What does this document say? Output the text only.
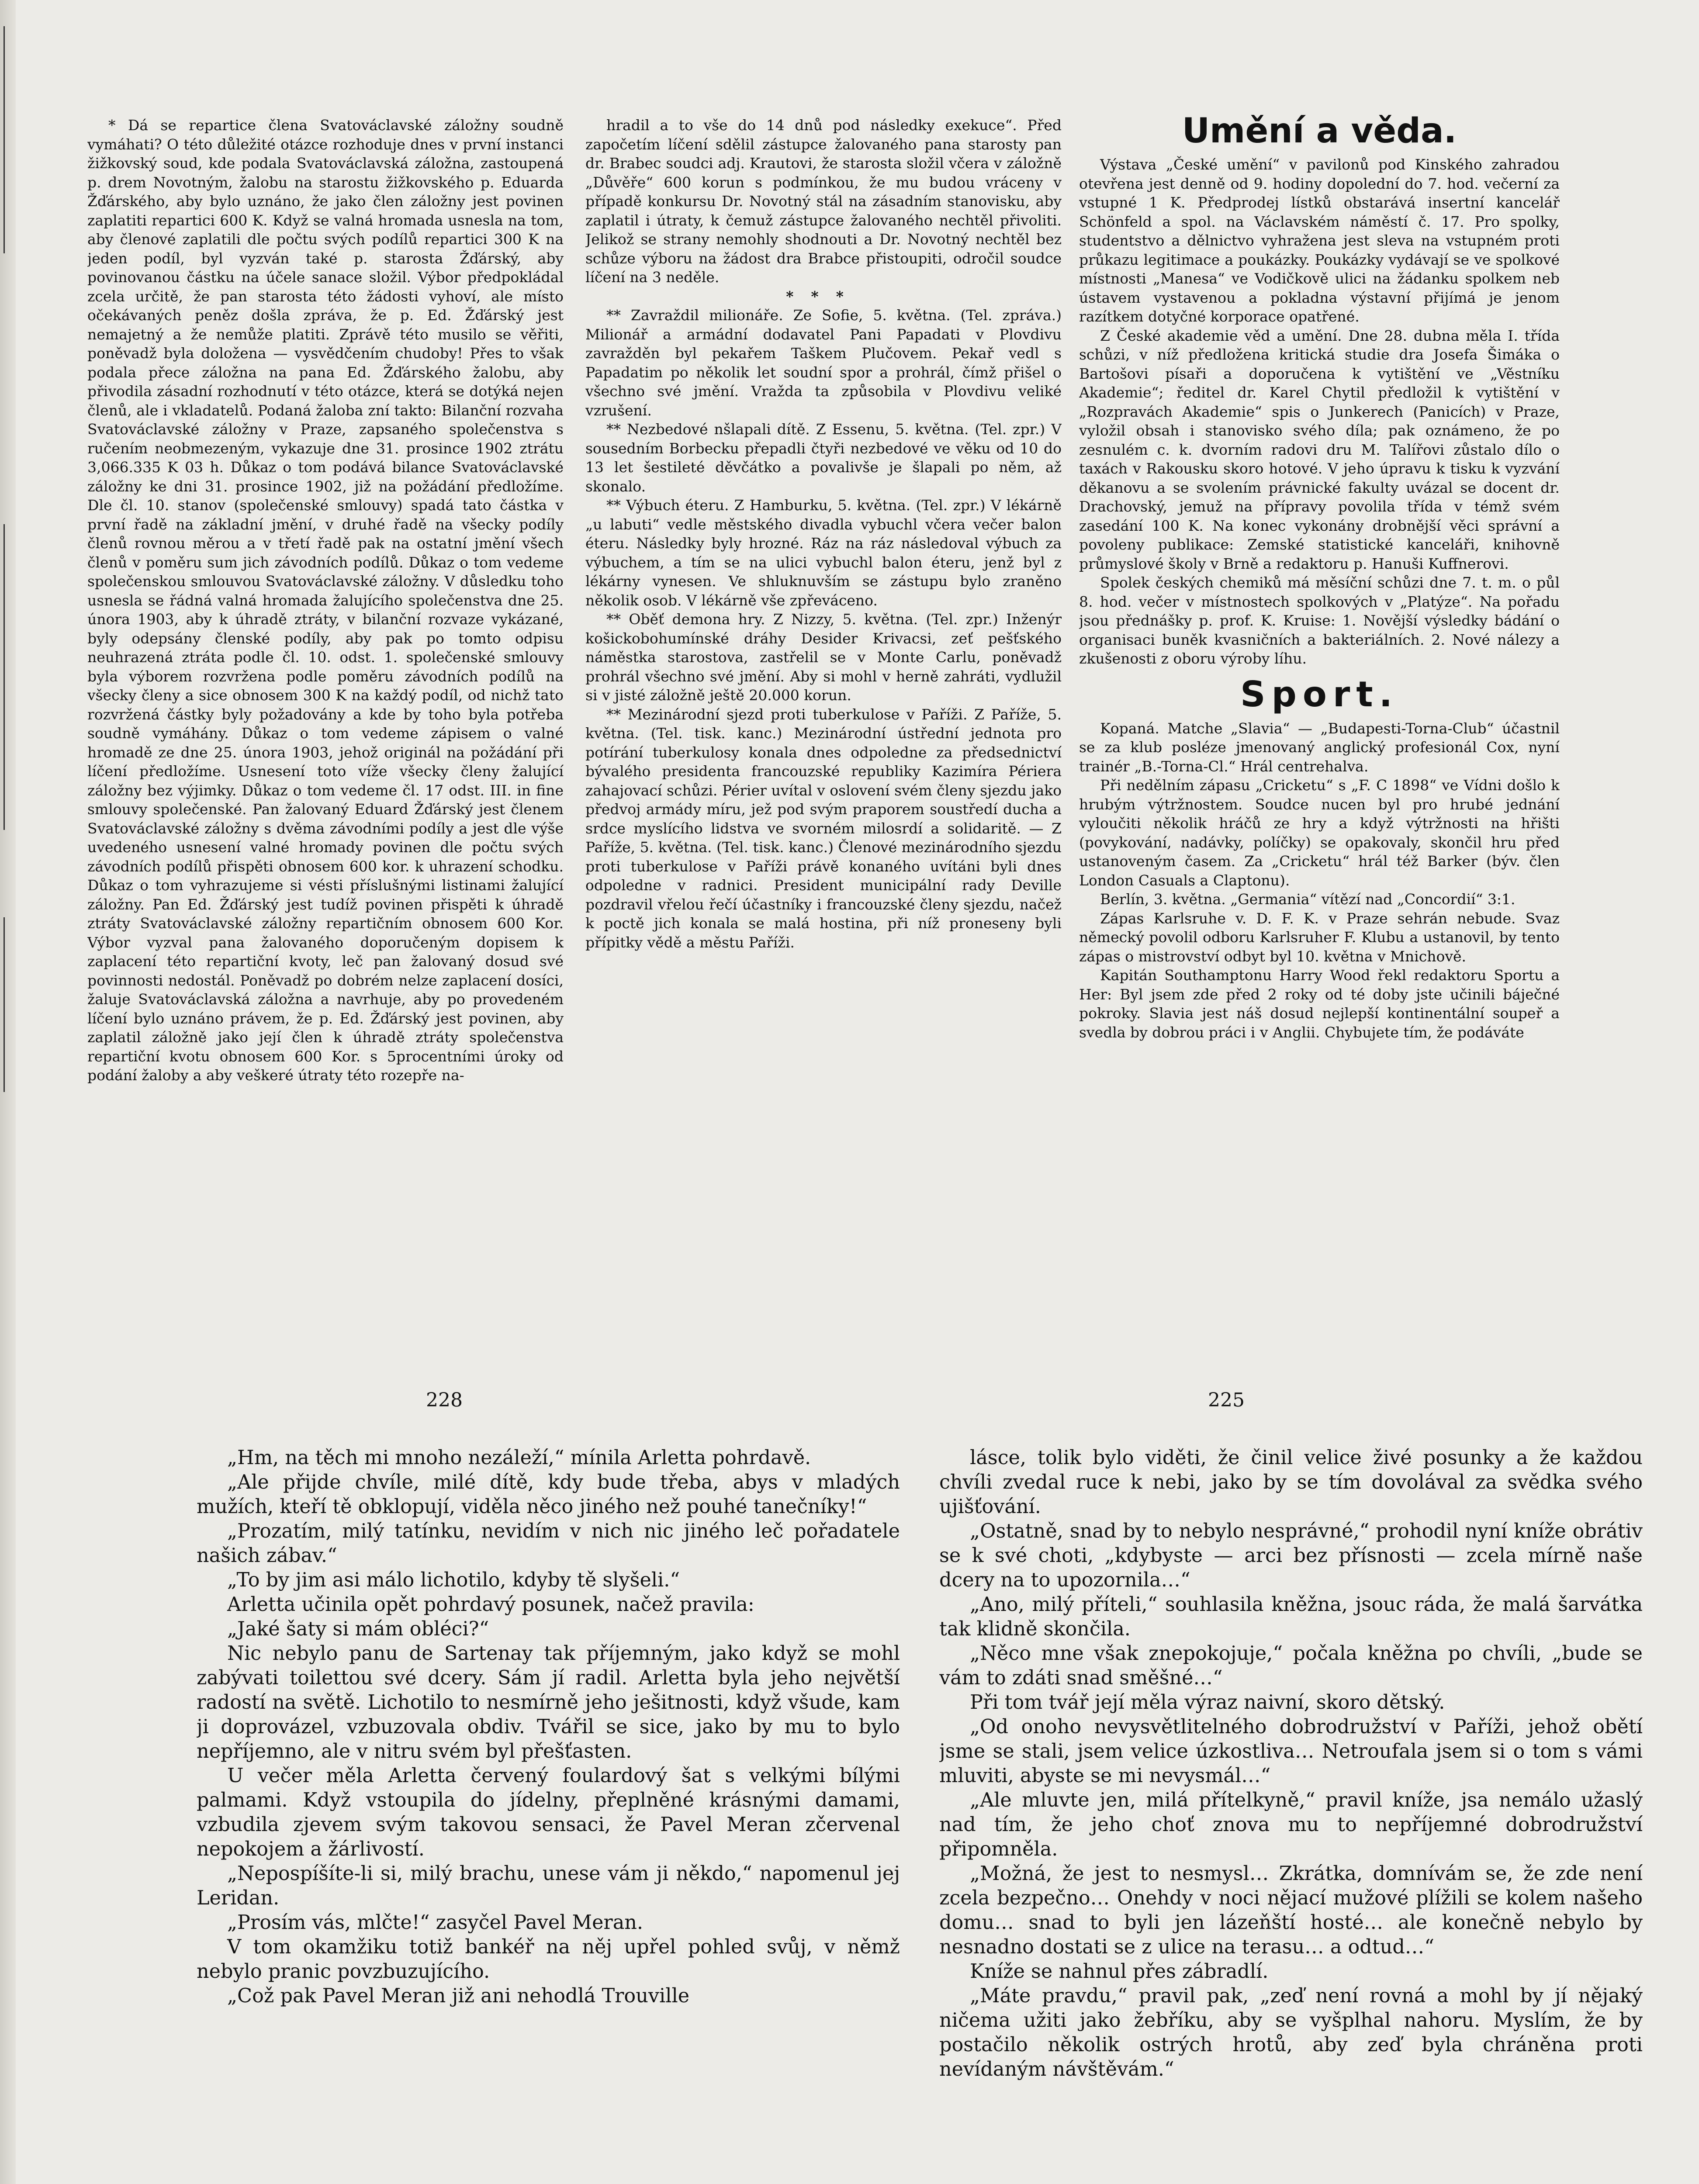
* Dá se repartice člena Svatováclavské záložny soudně vymáhati? O této důležité otázce rozhoduje dnes v první instanci žižkovský soud, kde podala Svatováclavská záložna, zastoupená p. drem Novotným, žalobu na starostu žižkovského p. Eduarda Žďárského, aby bylo uznáno, že jako člen záložny jest povinen zaplatiti repartici 600 K. Když se valná hromada usnesla na tom, aby členové zaplatili dle počtu svých podílů repartici 300 K na jeden podíl, byl vyzván také p. starosta Žďárský, aby povinovanou částku na účele sanace složil. Výbor předpokládal zcela určitě, že pan starosta této žádosti vyhoví, ale místo očekávaných peněz došla zpráva, že p. Ed. Žďárský jest nemajetný a že nemůže platiti. Zprávě této musilo se věřiti, poněvadž byla doložena — vysvědčením chudoby! Přes to však podala přece záložna na pana Ed. Žďárského žalobu, aby přivodila zásadní rozhodnutí v této otázce, která se dotýká nejen členů, ale i vkladatelů. Podaná žaloba zní takto: Bilanční rozvaha Svatováclavské záložny v Praze, zapsaného společenstva s ručením neobmezeným, vykazuje dne 31. prosince 1902 ztrátu 3,066.335 K 03 h. Důkaz o tom podává bilance Svatováclavské záložny ke dni 31. prosince 1902, již na požádání předložíme. Dle čl. 10. stanov (společenské smlouvy) spadá tato částka v první řadě na základní jmění, v druhé řadě na všecky podíly členů rovnou měrou a v třetí řadě pak na ostatní jmění všech členů v poměru sum jich závodních podílů. Důkaz o tom vedeme společenskou smlouvou Svatováclavské záložny. V důsledku toho usnesla se řádná valná hromada žalujícího společenstva dne 25. února 1903, aby k úhradě ztráty, v bilanční rozvaze vykázané, byly odepsány členské podíly, aby pak po tomto odpisu neuhrazená ztráta podle čl. 10. odst. 1. společenské smlouvy byla výborem rozvržena podle poměru závodních podílů na všecky členy a sice obnosem 300 K na každý podíl, od nichž tato rozvržená částky byly požadovány a kde by toho byla potřeba soudně vymáhány. Důkaz o tom vedeme zápisem o valné hromadě ze dne 25. února 1903, jehož originál na požádání při líčení předložíme. Usnesení toto víže všecky členy žalující záložny bez výjimky. Důkaz o tom vedeme čl. 17 odst. III. in fine smlouvy společenské. Pan žalovaný Eduard Žďárský jest členem Svatováclavské záložny s dvěma závodními podíly a jest dle výše uvedeného usnesení valné hromady povinen dle počtu svých závodních podílů přispěti obnosem 600 kor. k uhrazení schodku. Důkaz o tom vyhrazujeme si vésti příslušnými listinami žalující záložny. Pan Ed. Žďárský jest tudíž povinen přispěti k úhradě ztráty Svatováclavské záložny repartičním obnosem 600 Kor. Výbor vyzval pana žalovaného doporučeným dopisem k zaplacení této repartiční kvoty, leč pan žalovaný dosud své povinnosti nedostál. Poněvadž po dobrém nelze zaplacení dosíci, žaluje Svatováclavská záložna a navrhuje, aby po provedeném líčení bylo uznáno právem, že p. Ed. Žďárský jest povinen, aby zaplatil záložně jako její člen k úhradě ztráty společenstva repartiční kvotu obnosem 600 Kor. s 5procentními úroky od podání žaloby a aby veškeré útraty této rozepře na-

hradil a to vše do 14 dnů pod následky exekuce“. Před započetím líčení sdělil zástupce žalovaného pana starosty pan dr. Brabec soudci adj. Krautovi, že starosta složil včera v záložně „Důvěře“ 600 korun s podmínkou, že mu budou vráceny v případě konkursu Dr. Novotný stál na zásadním stanovisku, aby zaplatil i útraty, k čemuž zástupce žalovaného nechtěl přivoliti. Jelikož se strany nemohly shodnouti a Dr. Novotný nechtěl bez schůze výboru na žádost dra Brabce přistoupiti, odročil soudce líčení na 3 neděle.

***

** Zavraždil milionáře. Ze Sofie, 5. května. (Tel. zpráva.) Milionář a armádní dodavatel Pani Papadati v Plovdivu zavražděn byl pekařem Taškem Plučovem. Pekař vedl s Papadatim po několik let soudní spor a prohrál, čímž přišel o všechno své jmění. Vražda ta způsobila v Plovdivu veliké vzrušení.

** Nezbedové nšlapali dítě. Z Essenu, 5. května. (Tel. zpr.) V sousedním Borbecku přepadli čtyři nezbedové ve věku od 10 do 13 let šestileté děvčátko a povalivše je šlapali po něm, až skonalo.

** Výbuch éteru. Z Hamburku, 5. května. (Tel. zpr.) V lékárně „u labuti“ vedle městského divadla vybuchl včera večer balon éteru. Následky byly hrozné. Ráz na ráz následoval výbuch za výbuchem, a tím se na ulici vybuchl balon éteru, jenž byl z lékárny vynesen. Ve shluknuvším se zástupu bylo zraněno několik osob. V lékárně vše zpřeváceno.

** Oběť demona hry. Z Nizzy, 5. května. (Tel. zpr.) Inženýr košickobohumínské dráhy Desider Krivacsi, zeť pešťského náměstka starostova, zastřelil se v Monte Carlu, poněvadž prohrál všechno své jmění. Aby si mohl v herně zahráti, vydlužil si v jisté záložně ještě 20.000 korun.

** Mezinárodní sjezd proti tuberkulose v Paříži. Z Paříže, 5. května. (Tel. tisk. kanc.) Mezinárodní ústřední jednota pro potírání tuberkulosy konala dnes odpoledne za předsednictví bývalého presidenta francouzské republiky Kazimíra Périera zahajovací schůzi. Périer uvítal v oslovení svém členy sjezdu jako předvoj armády míru, jež pod svým praporem soustředí ducha a srdce myslícího lidstva ve svorném milosrdí a solidaritě. — Z Paříže, 5. května. (Tel. tisk. kanc.) Členové mezinárodního sjezdu proti tuberkulose v Paříži právě konaného uvítáni byli dnes odpoledne v radnici. President municipální rady Deville pozdravil vřelou řečí účastníky i francouzské členy sjezdu, načež k poctě jich konala se malá hostina, při níž proneseny byli přípitky vědě a městu Paříži.

Umění a věda.

Výstava „České umění“ v pavilonů pod Kinského zahradou otevřena jest denně od 9. hodiny dopolední do 7. hod. večerní za vstupné 1 K. Předprodej lístků obstarává insertní kancelář Schönfeld a spol. na Václavském náměstí č. 17. Pro spolky, studentstvo a dělnictvo vyhražena jest sleva na vstupném proti průkazu legitimace a poukázky. Poukázky vydávají se ve spolkové místnosti „Manesa“ ve Vodičkově ulici na žádanku spolkem neb ústavem vystavenou a pokladna výstavní přijímá je jenom razítkem dotyčné korporace opatřené.

Z České akademie věd a umění. Dne 28. dubna měla I. třída schůzi, v níž předložena kritická studie dra Josefa Šimáka o Bartošovi písaři a doporučena k vytištění ve „Věstníku Akademie“; ředitel dr. Karel Chytil předložil k vytištění v „Rozpravách Akademie“ spis o Junkerech (Panicích) v Praze, vyložil obsah i stanovisko svého díla; pak oznámeno, že po zesnulém c. k. dvorním radovi dru M. Talířovi zůstalo dílo o taxách v Rakousku skoro hotové. V jeho úpravu k tisku k vyzvání děkanovu a se svolením právnické fakulty uvázal se docent dr. Drachovský, jemuž na přípravy povolila třída v témž svém zasedání 100 K. Na konec vykonány drobnější věci správní a povoleny publikace: Zemské statistické kanceláři, knihovně průmyslové školy v Brně a redaktoru p. Hanuši Kuffnerovi.

Spolek českých chemiků má měsíční schůzi dne 7. t. m. o půl 8. hod. večer v místnostech spolkových v „Platýze“. Na pořadu jsou přednášky p. prof. K. Kruise: 1. Novější výsledky bádání o organisaci buněk kvasničních a bakteriálních. 2. Nové nálezy a zkušenosti z oboru výroby líhu.

Sport.

Kopaná. Matche „Slavia“ — „Budapesti-Torna-Club“ účastnil se za klub posléze jmenovaný anglický profesionál Cox, nyní trainér „B.-Torna-Cl.“ Hrál centrehalva.

Při nedělním zápasu „Cricketu“ s „F. C 1898“ ve Vídni došlo k hrubým výtržnostem. Soudce nucen byl pro hrubé jednání vyloučiti několik hráčů ze hry a když výtržnosti na hřišti (povykování, nadávky, políčky) se opakovaly, skončil hru před ustanoveným časem. Za „Cricketu“ hrál též Barker (býv. člen London Casuals a Claptonu).

Berlín, 3. května. „Germania“ vítězí nad „Concordií“ 3:1.

Zápas Karlsruhe v. D. F. K. v Praze sehrán nebude. Svaz německý povolil odboru Karlsruher F. Klubu a ustanovil, by tento zápas o mistrovství odbyt byl 10. května v Mnichově.

Kapitán Southamptonu Harry Wood řekl redaktoru Sportu a Her: Byl jsem zde před 2 roky od té doby jste učinili báječné pokroky. Slavia jest náš dosud nejlepší kontinentální soupeř a svedla by dobrou práci i v Anglii. Chybujete tím, že podáváte

228	225

„Hm, na těch mi mnoho nezáleží,“ mínila Arletta pohrdavě.

„Ale přijde chvíle, milé dítě, kdy bude třeba, abys v mladých mužích, kteří tě obklopují, viděla něco jiného než pouhé tanečníky!“

„Prozatím, milý tatínku, nevidím v nich nic jiného leč pořadatele našich zábav.“

„To by jim asi málo lichotilo, kdyby tě slyšeli.“

Arletta učinila opět pohrdavý posunek, načež pravila:

„Jaké šaty si mám obléci?“

Nic nebylo panu de Sartenay tak příjemným, jako když se mohl zabývati toilettou své dcery. Sám jí radil. Arletta byla jeho největší radostí na světě. Lichotilo to nesmírně jeho ješitnosti, když všude, kam ji doprovázel, vzbuzovala obdiv. Tvářil se sice, jako by mu to bylo nepříjemno, ale v nitru svém byl přešťasten.

U večer měla Arletta červený foulardový šat s velkými bílými palmami. Když vstoupila do jídelny, přeplněné krásnými damami, vzbudila zjevem svým takovou sensaci, že Pavel Meran zčervenal nepokojem a žárlivostí.

„Nepospíšíte-li si, milý brachu, unese vám ji někdo,“ napomenul jej Leridan.

„Prosím vás, mlčte!“ zasyčel Pavel Meran.

V tom okamžiku totiž bankéř na něj upřel pohled svůj, v němž nebylo pranic povzbuzujícího.

„Což pak Pavel Meran již ani nehodlá Trouville

lásce, tolik bylo viděti, že činil velice živé posunky a že každou chvíli zvedal ruce k nebi, jako by se tím dovolával za svědka svého ujišťování.

„Ostatně, snad by to nebylo nesprávné,“ prohodil nyní kníže obrátiv se k své choti, „kdybyste — arci bez přísnosti — zcela mírně naše dcery na to upozornila…“

„Ano, milý příteli,“ souhlasila kněžna, jsouc ráda, že malá šarvátka tak klidně skončila.

„Něco mne však znepokojuje,“ počala kněžna po chvíli, „bude se vám to zdáti snad směšné…“

Při tom tvář její měla výraz naivní, skoro dětský.

„Od onoho nevysvětlitelného dobrodružství v Paříži, jehož obětí jsme se stali, jsem velice úzkostliva… Netroufala jsem si o tom s vámi mluviti, abyste se mi nevysmál…“

„Ale mluvte jen, milá přítelkyně,“ pravil kníže, jsa nemálo užaslý nad tím, že jeho choť znova mu to nepříjemné dobrodružství připomněla.

„Možná, že jest to nesmysl… Zkrátka, domnívám se, že zde není zcela bezpečno… Onehdy v noci nějací mužové plížili se kolem našeho domu… snad to byli jen lázeňští hosté… ale konečně nebylo by nesnadno dostati se z ulice na terasu… a odtud…“

Kníže se nahnul přes zábradlí.

„Máte pravdu,“ pravil pak, „zeď není rovná a mohl by jí nějaký ničema užiti jako žebříku, aby se vyšplhal nahoru. Myslím, že by postačilo několik ostrých hrotů, aby zeď byla chráněna proti nevídaným návštěvám.“
